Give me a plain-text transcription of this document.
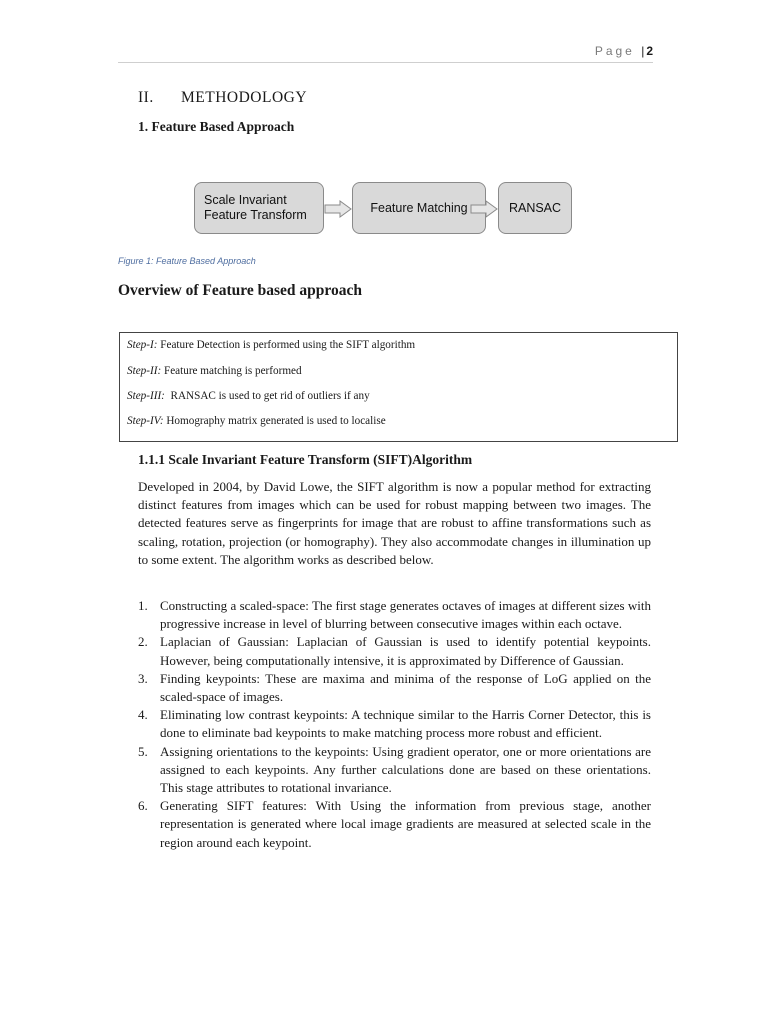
Page | 2
II. METHODOLOGY
1. Feature Based Approach
Scale Invariant
Feature Transform	Feature Matching	RANSAC
Figure 1: Feature Based Approach
Overview of Feature based approach
Step-I: Feature Detection is performed using the SIFT algorithm
Step-II: Feature matching is performed
Step-III:  RANSAC is used to get rid of outliers if any
Step-IV: Homography matrix generated is used to localise
1.1.1 Scale Invariant Feature Transform (SIFT)Algorithm
Developed in 2004, by David Lowe, the SIFT algorithm is now a popular method for extracting distinct features from images which can be used for robust mapping between two images. The detected features serve as fingerprints for image that are robust to affine transformations such as scaling, rotation, projection (or homography). They also accommodate changes in illumination up to some extent. The algorithm works as described below.
1. Constructing a scaled-space: The first stage generates octaves of images at different sizes with progressive increase in level of blurring between consecutive images within each octave.
2. Laplacian of Gaussian: Laplacian of Gaussian is used to identify potential keypoints. However, being computationally intensive, it is approximated by Difference of Gaussian.
3. Finding keypoints: These are maxima and minima of the response of LoG applied on the scaled-space of images.
4. Eliminating low contrast keypoints: A technique similar to the Harris Corner Detector, this is done to eliminate bad keypoints to make matching process more robust and efficient.
5. Assigning orientations to the keypoints: Using gradient operator, one or more orientations are assigned to each keypoints. Any further calculations done are based on these orientations. This stage attributes to rotational invariance.
6. Generating SIFT features: With Using the information from previous stage, another representation is generated where local image gradients are measured at selected scale in the region around each keypoint.
